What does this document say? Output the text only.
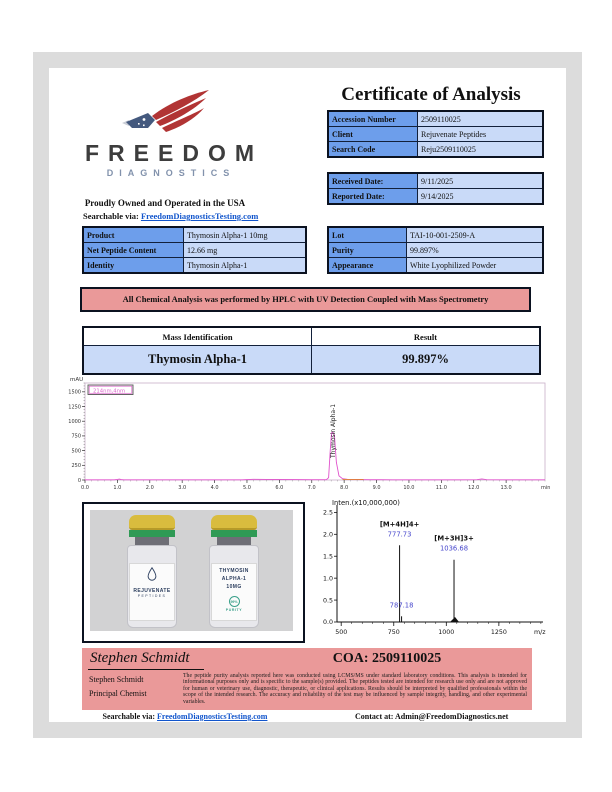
FREEDOM
DIAGNOSTICS
Proudly Owned and Operated in the USA
Searchable via: FreedomDiagnosticsTesting.com
Certificate of Analysis
Accession Number	2509110025
Client	Rejuvenate Peptides
Search Code	Reju2509110025
Received Date:	9/11/2025
Reported Date:	9/14/2025
Product	Thymosin Alpha-1 10mg
Net Peptide Content	12.66 mg
Identity	Thymosin Alpha-1
Lot	TAI-10-001-2509-A
Purity	99.897%
Appearance	White Lyophilized Powder
All Chemical Analysis was performed by HPLC with UV Detection Coupled with Mass Spectrometry
Mass Identification	Result
Thymosin Alpha-1	99.897%
0
250
500
750
1000
1250
1500
0.0	1.0	2.0	3.0	4.0	5.0	6.0	7.0	8.0	9.0	10.0	11.0	12.0	13.0	min
mAU
214nm,4nm
Thymosin Alpha-1
REJUVENATE
PEPTIDES
THYMOSIN
ALPHA-1
10MG
99%
PURITY
Inten.(x10,000,000)
0.0
0.5
1.0
1.5
2.0
2.5
500	750	1000	1250	m/z
[M+4H]4+
777.73
787.18
[M+3H]3+
1036.68
Stephen Schmidt	COA: 2509110025
Stephen Schmidt
Principal Chemist
The peptide purity analysis reported here was conducted using LCMS/MS under standard laboratory conditions. This analysis is intended for informational purposes only and is specific to the sample(s) provided. The peptides tested are intended for research use only and are not approved for human or veterinary use, diagnostic, therapeutic, or clinical applications. Results should be interpreted by qualified professionals within the scope of the intended research. The accuracy and reliability of the test may be influenced by sample integrity, handling, and other experimental variables.
Searchable via: FreedomDiagnosticsTesting.com	Contact at: Admin@FreedomDiagnostics.net
